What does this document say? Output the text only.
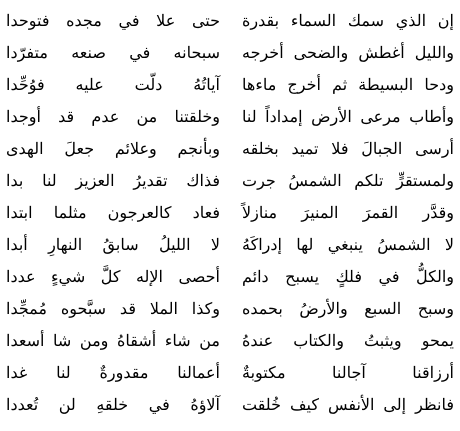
إن الذي سمك السماء بقدرة
حتى علا في مجده فتوحدا
والليل أغطش والضحى أخرجه
سبحانه في صنعه متفرّدا
ودحا البسيطة ثم أخرج ماءها
آياتُهُ دلّت عليه فوُحِّدا
وأطاب مرعى الأرض إمداداً لنا
وخلقتنا من عدم قد أوجدا
أرسى الجبالَ فلا تميد بخلقه
وبأنجم وعلائم جعلَ الهدى
ولمستقرٍّ تلكم الشمسُ جرت
فذاك تقديرُ العزيز لنا بدا
وقدَّر القمرَ المنيرَ منازلاً
فعاد كالعرجون مثلما ابتدا
لا الشمسُ ينبغي لها إدراكَهُ
لا الليلُ سابقُ النهارِ أبدا
والكلُّ في فلكٍ يسبح دائم
أحصى الإله كلَّ شيءٍ عددا
وسبح السبع والأرضُ بحمده
وكذا الملا قد سبَّحوه مُمجِّدا
يمحو ويثبتُ والكتاب عندهُ
من شاء أشقاهُ ومن شا أسعدا
أرزاقنا آجالنا مكتوبةٌ
أعمالنا مقدورةٌ لنا غدا
فانظر إلى الأنفس كيف خُلقت
آلاؤهُ في خلقهِ لن تُعددا
